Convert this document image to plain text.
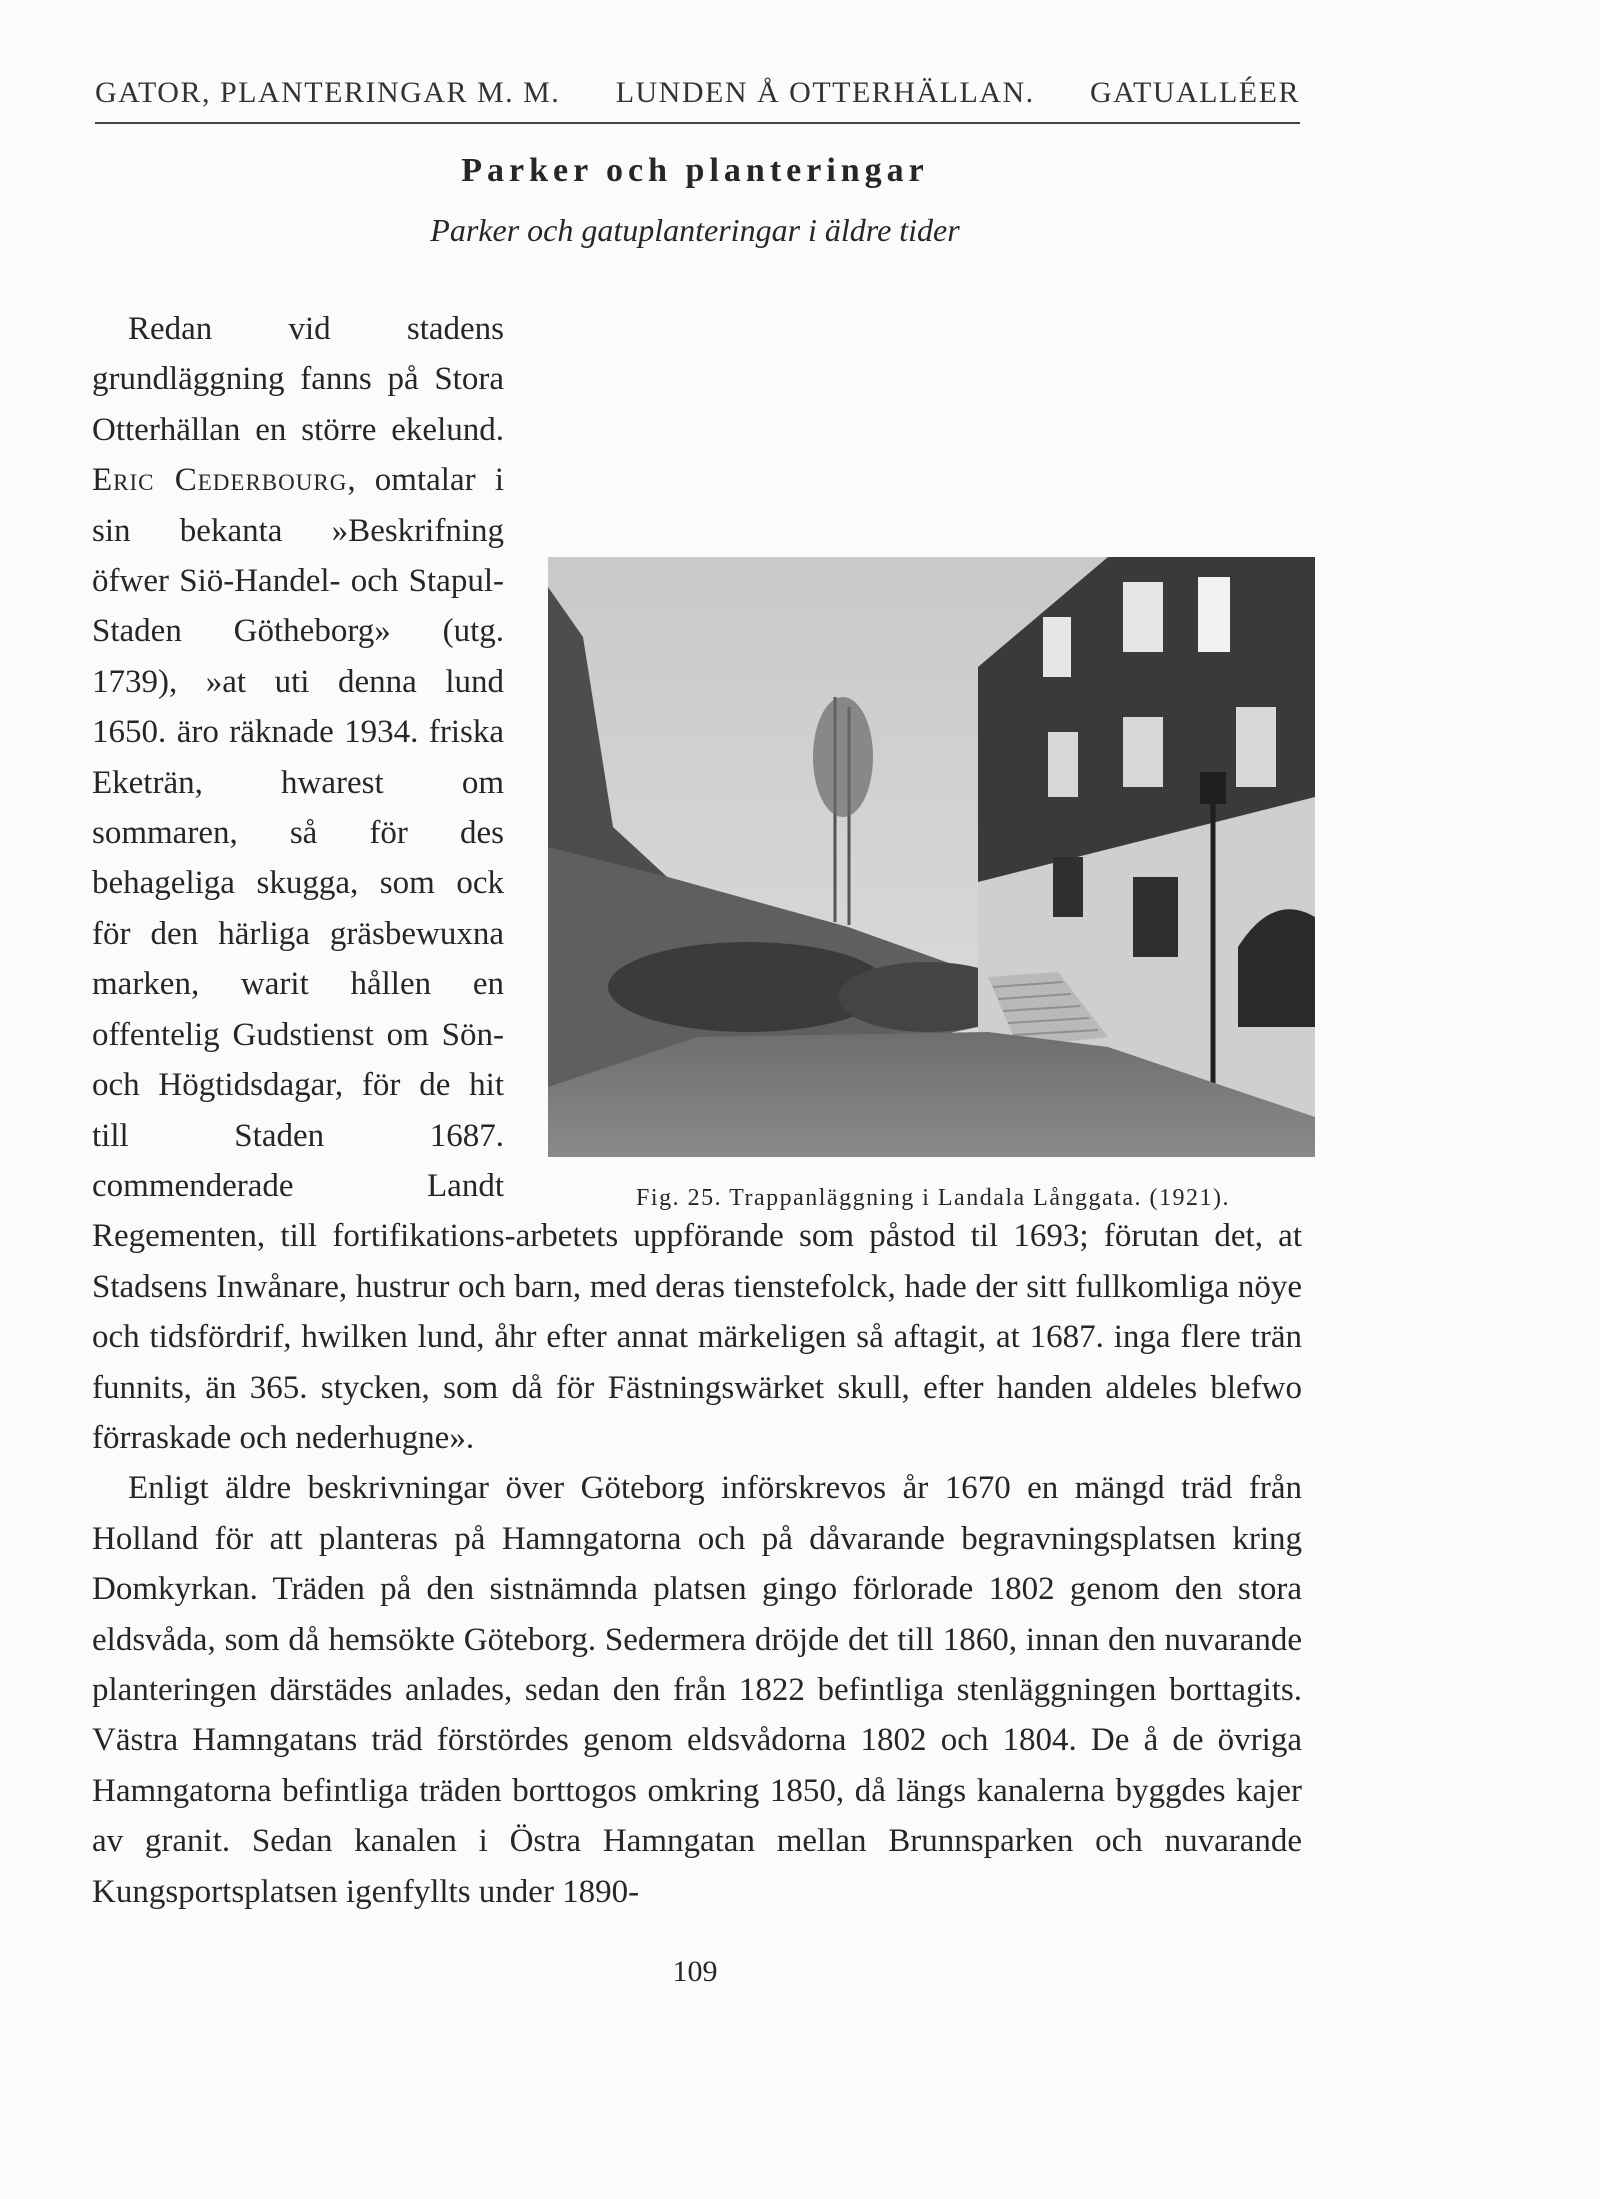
GATOR, PLANTERINGAR M. M. LUNDEN Å OTTERHÄLLAN. GATUALLÉER
Parker och planteringar
Parker och gatuplanteringar i äldre tider

Redan vid stadens grundläggning fanns på Stora Otterhällan en större ekelund. Eric Cederbourg, omtalar i sin bekanta »Beskrifning öfwer Siö-Handel- och Stapul-Staden Götheborg» (utg. 1739), »at uti denna lund 1650. äro räknade 1934. friska Eketrän, hwarest om sommaren, så för des behageliga skugga, som ock för den härliga gräsbewuxna marken, warit hållen en offentelig Gudstienst om Sön- och Högtidsdagar, för de hit till Staden 1687. commenderade Landt Regementen, till fortifikations-arbetets uppförande som påstod til 1693; förutan det, at Stadsens Inwånare, hustrur och barn, med deras tienstefolck, hade der sitt fullkomliga nöye och tidsfördrif, hwilken lund, åhr efter annat märkeligen så aftagit, at 1687. inga flere trän funnits, än 365. stycken, som då för Fästningswärket skull, efter handen aldeles blefwo förraskade och nederhugne».

Enligt äldre beskrivningar över Göteborg införskrevos år 1670 en mängd träd från Holland för att planteras på Hamngatorna och på dåvarande begravningsplatsen kring Domkyrkan. Träden på den sistnämnda platsen gingo förlorade 1802 genom den stora eldsvåda, som då hemsökte Göteborg. Sedermera dröjde det till 1860, innan den nuvarande planteringen därstädes anlades, sedan den från 1822 befintliga stenläggningen borttagits. Västra Hamngatans träd förstördes genom eldsvådorna 1802 och 1804. De å de övriga Hamngatorna befintliga träden borttogos omkring 1850, då längs kanalerna byggdes kajer av granit. Sedan kanalen i Östra Hamngatan mellan Brunnsparken och nuvarande Kungsportsplatsen igenfyllts under 1890-

Fig. 25. Trappanläggning i Landala Långgata. (1921).
109
